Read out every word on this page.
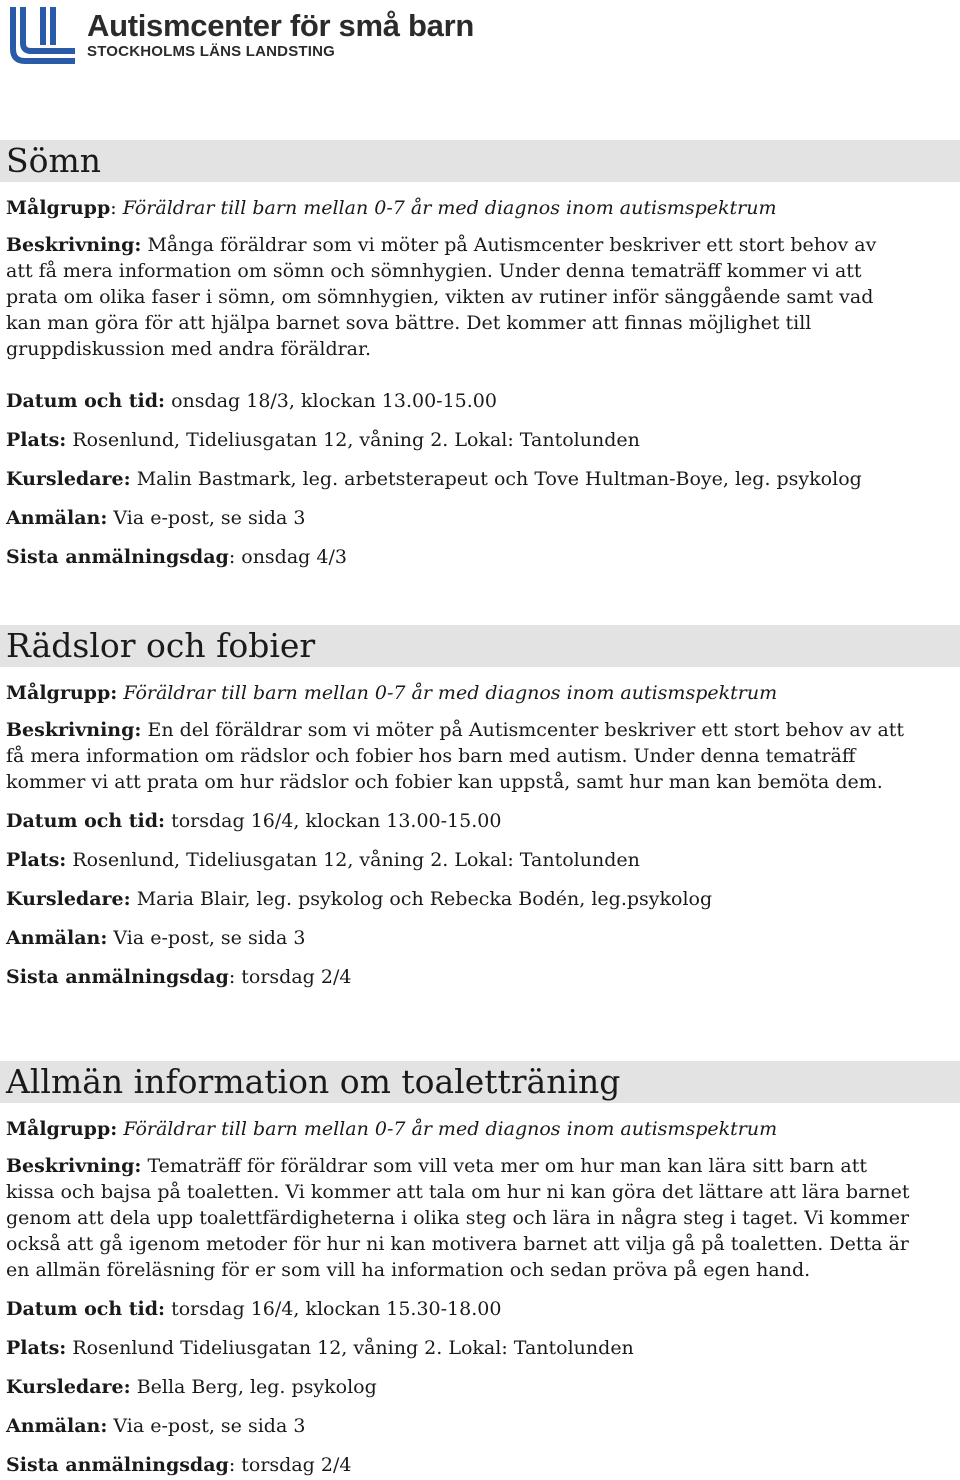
Autismcenter för små barn
STOCKHOLMS LÄNS LANDSTING
Sömn

Målgrupp: Föräldrar till barn mellan 0-7 år med diagnos inom autismspektrum

Beskrivning: Många föräldrar som vi möter på Autismcenter beskriver ett stort behov av
att få mera information om sömn och sömnhygien. Under denna tematräff kommer vi att
prata om olika faser i sömn, om sömnhygien, vikten av rutiner inför sänggående samt vad
kan man göra för att hjälpa barnet sova bättre. Det kommer att finnas möjlighet till
gruppdiskussion med andra föräldrar.

Datum och tid: onsdag 18/3, klockan 13.00-15.00

Plats: Rosenlund, Tideliusgatan 12, våning 2. Lokal: Tantolunden

Kursledare: Malin Bastmark, leg. arbetsterapeut och Tove Hultman-Boye, leg. psykolog

Anmälan: Via e-post, se sida 3

Sista anmälningsdag: onsdag 4/3

Rädslor och fobier

Målgrupp: Föräldrar till barn mellan 0-7 år med diagnos inom autismspektrum

Beskrivning: En del föräldrar som vi möter på Autismcenter beskriver ett stort behov av att
få mera information om rädslor och fobier hos barn med autism. Under denna tematräff
kommer vi att prata om hur rädslor och fobier kan uppstå, samt hur man kan bemöta dem.

Datum och tid: torsdag 16/4, klockan 13.00-15.00

Plats: Rosenlund, Tideliusgatan 12, våning 2. Lokal: Tantolunden

Kursledare: Maria Blair, leg. psykolog och Rebecka Bodén, leg.psykolog

Anmälan: Via e-post, se sida 3

Sista anmälningsdag: torsdag 2/4

Allmän information om toaletträning

Målgrupp: Föräldrar till barn mellan 0-7 år med diagnos inom autismspektrum

Beskrivning: Tematräff för föräldrar som vill veta mer om hur man kan lära sitt barn att
kissa och bajsa på toaletten. Vi kommer att tala om hur ni kan göra det lättare att lära barnet
genom att dela upp toalettfärdigheterna i olika steg och lära in några steg i taget. Vi kommer
också att gå igenom metoder för hur ni kan motivera barnet att vilja gå på toaletten. Detta är
en allmän föreläsning för er som vill ha information och sedan pröva på egen hand.

Datum och tid: torsdag 16/4, klockan 15.30-18.00

Plats: Rosenlund Tideliusgatan 12, våning 2. Lokal: Tantolunden

Kursledare: Bella Berg, leg. psykolog

Anmälan: Via e-post, se sida 3

Sista anmälningsdag: torsdag 2/4
